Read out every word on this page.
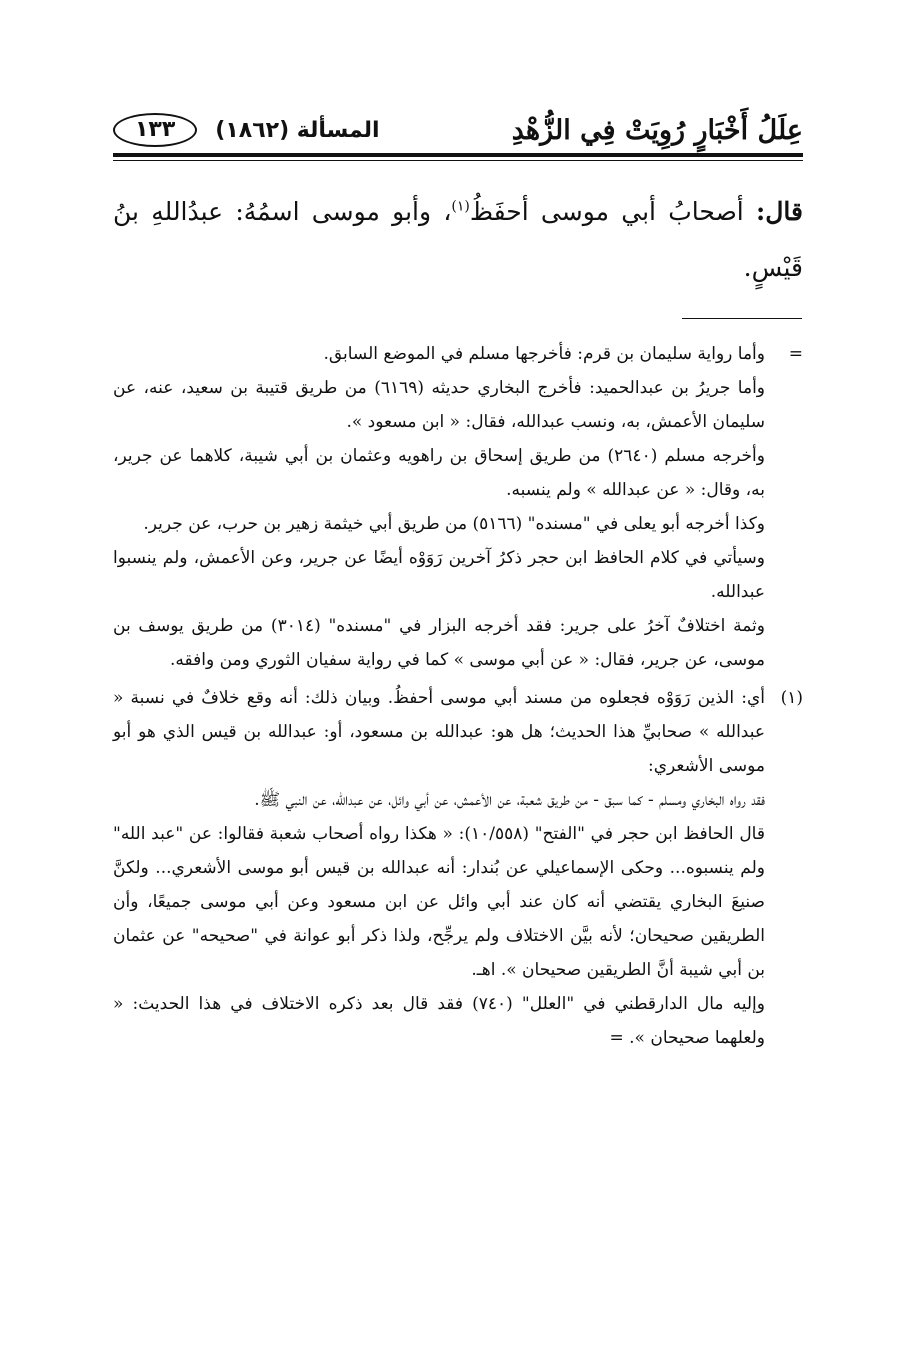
عِلَلُ أَخْبَارٍ رُوِيَتْ فِي الزُّهْدِ
المسألة (١٨٦٢)
١٣٣
قال: أصحابُ أبي موسى أحفَظُ$^{(١)}$، وأبو موسى اسمُهُ: عبدُاللهِ بنُ قَيْسٍ.
=

وأما رواية سليمان بن قرم: فأخرجها مسلم في الموضع السابق.

وأما جريرُ بن عبدالحميد: فأخرج البخاري حديثه (٦١٦٩) من طريق قتيبة بن سعيد، عنه، عن سليمان الأعمش، به، ونسب عبدالله، فقال: « ابن مسعود ».

وأخرجه مسلم (٢٦٤٠) من طريق إسحاق بن راهويه وعثمان بن أبي شيبة، كلاهما عن جرير، به، وقال: « عن عبدالله » ولم ينسبه.

وكذا أخرجه أبو يعلى في "مسنده" (٥١٦٦) من طريق أبي خيثمة زهير بن حرب، عن جرير.

وسيأتي في كلام الحافظ ابن حجر ذكرُ آخرين رَوَوْه أيضًا عن جرير، وعن الأعمش، ولم ينسبوا عبدالله.

وثمة اختلافٌ آخرُ على جرير: فقد أخرجه البزار في "مسنده" (٣٠١٤) من طريق يوسف بن موسى، عن جرير، فقال: « عن أبي موسى » كما في رواية سفيان الثوري ومن وافقه.

(١)

أي: الذين رَوَوْه فجعلوه من مسند أبي موسى أحفظُ. وبيان ذلك: أنه وقع خلافٌ في نسبة « عبدالله » صحابيِّ هذا الحديث؛ هل هو: عبدالله بن مسعود، أو: عبدالله بن قيس الذي هو أبو موسى الأشعري:

فقد رواه البخاري ومسلم - كما سبق - من طريق شعبة، عن الأعمش، عن أبي وائل، عن عبدالله، عن النبي ﷺ.

قال الحافظ ابن حجر في "الفتح" (١٠/٥٥٨): « هكذا رواه أصحاب شعبة فقالوا: عن "عبد الله" ولم ينسبوه... وحكى الإسماعيلي عن بُندار: أنه عبدالله بن قيس أبو موسى الأشعري... ولكنَّ صنيعَ البخاري يقتضي أنه كان عند أبي وائل عن ابن مسعود وعن أبي موسى جميعًا، وأن الطريقين صحيحان؛ لأنه بيَّن الاختلاف ولم يرجِّح، ولذا ذكر أبو عوانة في "صحيحه" عن عثمان بن أبي شيبة أنَّ الطريقين صحيحان ». اهـ.

وإليه مال الدارقطني في "العلل" (٧٤٠) فقد قال بعد ذكره الاختلاف في هذا الحديث: « ولعلهما صحيحان ». =
